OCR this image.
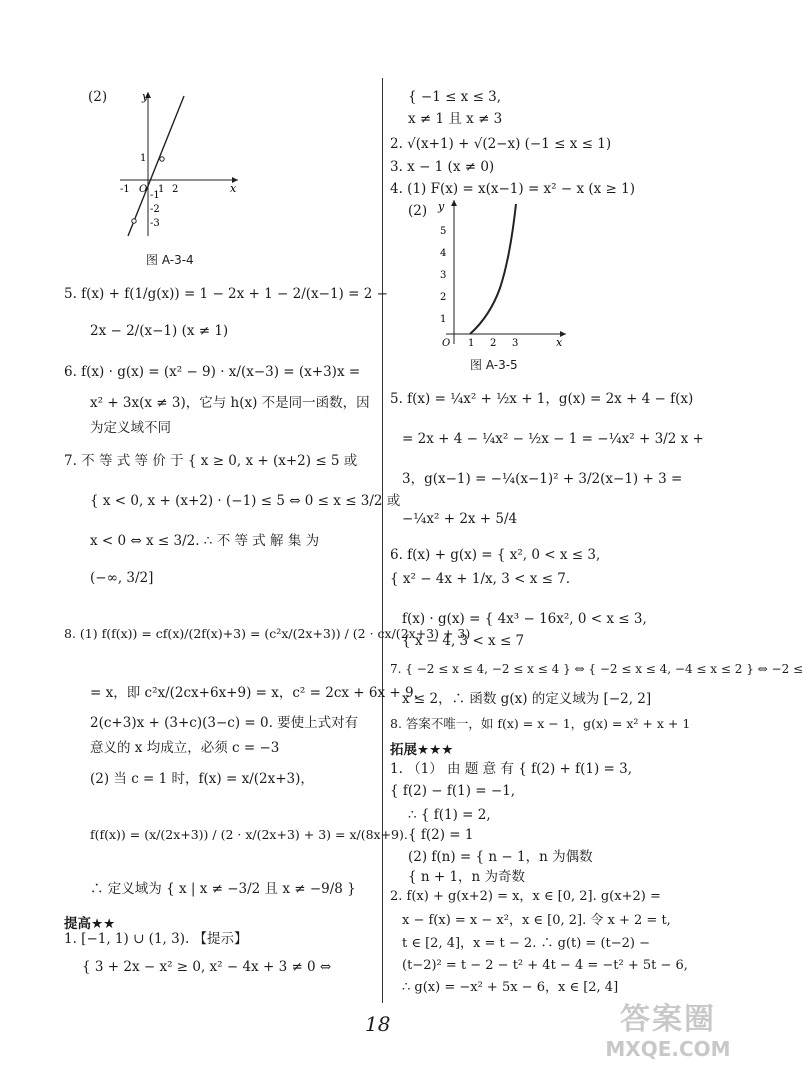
(2)	y
x
-1 O 1 2
1
-1
-2
-3
图 A-3-4
5. f(x) + f(1/g(x)) = 1 − 2x + 1 − 2/(x−1) = 2 −
2x − 2/(x−1) (x ≠ 1)
6. f(x) · g(x) = (x² − 9) · x/(x−3) = (x+3)x =
x² + 3x(x ≠ 3)，它与 h(x) 不是同一函数，因
为定义域不同
7. 不 等 式 等 价 于 { x ≥ 0, x + (x+2) ≤ 5 或
{ x < 0, x + (x+2) · (−1) ≤ 5 ⇔ 0 ≤ x ≤ 3/2 或
x < 0 ⇔ x ≤ 3/2. ∴ 不 等 式 解 集 为
(−∞, 3/2]
8. (1) f(f(x)) = cf(x)/(2f(x)+3) = (c²x/(2x+3)) / (2 · cx/(2x+3) + 3)
= x，即 c²x/(2cx+6x+9) = x，c² = 2cx + 6x + 9，
2(c+3)x + (3+c)(3−c) = 0. 要使上式对有
意义的 x 均成立，必须 c = −3
(2) 当 c = 1 时，f(x) = x/(2x+3)，
f(f(x)) = (x/(2x+3)) / (2 · x/(2x+3) + 3) = x/(8x+9).
∴ 定义域为 { x | x ≠ −3/2 且 x ≠ −9/8 }
提高★★
1. [−1, 1) ∪ (1, 3). 【提示】
{ 3 + 2x − x² ≥ 0, x² − 4x + 3 ≠ 0 ⇔
{ −1 ≤ x ≤ 3,
x ≠ 1 且 x ≠ 3
2. √(x+1) + √(2−x) (−1 ≤ x ≤ 1)
3. x − 1 (x ≠ 0)
4. (1) F(x) = x(x−1) = x² − x (x ≥ 1)
(2) y
x
5
4
3
2
1
O 1 2 3
图 A-3-5
5. f(x) = ¼x² + ½x + 1，g(x) = 2x + 4 − f(x)
= 2x + 4 − ¼x² − ½x − 1 = −¼x² + 3/2 x +
3，g(x−1) = −¼(x−1)² + 3/2(x−1) + 3 =
−¼x² + 2x + 5/4
6. f(x) + g(x) = { x², 0 < x ≤ 3,
{ x² − 4x + 1/x, 3 < x ≤ 7.
f(x) · g(x) = { 4x³ − 16x², 0 < x ≤ 3,
{ x − 4, 3 < x ≤ 7
7. { −2 ≤ x ≤ 4, −2 ≤ x ≤ 4 } ⇔ { −2 ≤ x ≤ 4, −4 ≤ x ≤ 2 } ⇔ −2 ≤
x ≤ 2，∴ 函数 g(x) 的定义域为 [−2, 2]
8. 答案不唯一，如 f(x) = x − 1，g(x) = x² + x + 1
拓展★★★
1. （1） 由 题 意 有 { f(2) + f(1) = 3,
{ f(2) − f(1) = −1,
∴ { f(1) = 2,
{ f(2) = 1
(2) f(n) = { n − 1，n 为偶数
{ n + 1，n 为奇数
2. f(x) + g(x+2) = x，x ∈ [0, 2]. g(x+2) =
x − f(x) = x − x²，x ∈ [0, 2]. 令 x + 2 = t,
t ∈ [2, 4]，x = t − 2. ∴ g(t) = (t−2) −
(t−2)² = t − 2 − t² + 4t − 4 = −t² + 5t − 6,
∴ g(x) = −x² + 5x − 6，x ∈ [2, 4]
18	答案圈
MXQE.COM
